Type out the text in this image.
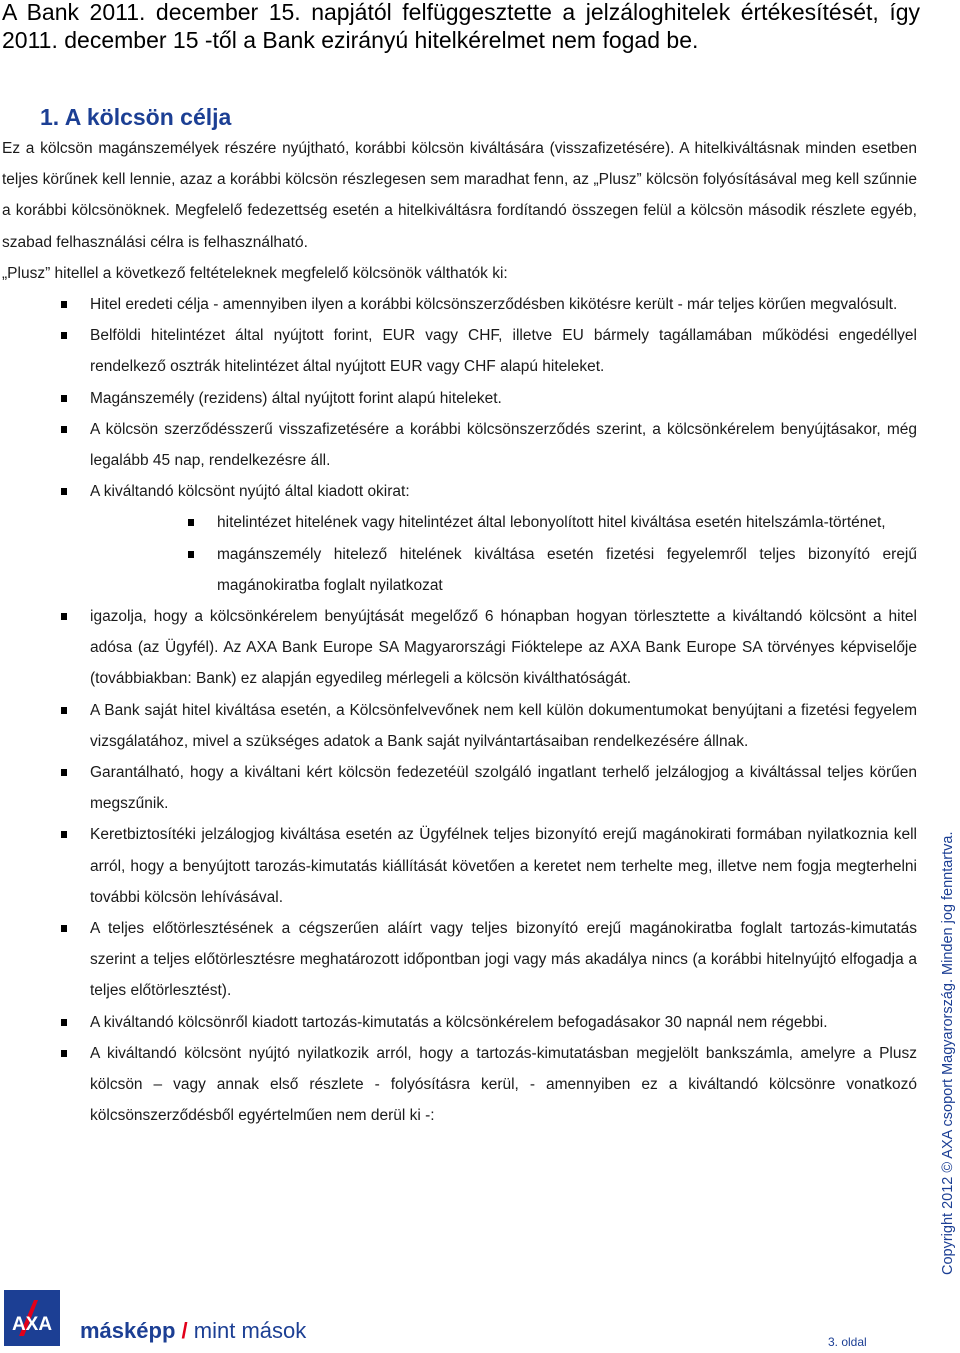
A Bank 2011. december 15. napjától felfüggesztette a jelzáloghitelek értékesítését, így 2011. december 15 -től a Bank ezirányú hitelkérelmet nem fogad be.
1. A kölcsön célja

Ez a kölcsön magánszemélyek részére nyújtható, korábbi kölcsön kiváltására (visszafizetésére). A hitelkiváltásnak minden esetben teljes körűnek kell lennie, azaz a korábbi kölcsön részlegesen sem maradhat fenn, az „Plusz” kölcsön folyósításával meg kell szűnnie a korábbi kölcsönöknek. Megfelelő fedezettség esetén a hitelkiváltásra fordítandó összegen felül a kölcsön második részlete egyéb, szabad felhasználási célra is felhasználható.

„Plusz” hitellel a következő feltételeknek megfelelő kölcsönök válthatók ki:

Hitel eredeti célja - amennyiben ilyen a korábbi kölcsönszerződésben kikötésre került - már teljes körűen megvalósult.
Belföldi hitelintézet által nyújtott forint, EUR vagy CHF, illetve EU bármely tagállamában működési engedéllyel rendelkező osztrák hitelintézet által nyújtott EUR vagy CHF alapú hiteleket.
Magánszemély (rezidens) által nyújtott forint alapú hiteleket.
A kölcsön szerződésszerű visszafizetésére a korábbi kölcsönszerződés szerint, a kölcsönkérelem benyújtásakor, még legalább 45 nap, rendelkezésre áll.
A kiváltandó kölcsönt nyújtó által kiadott okirat:
hitelintézet hitelének vagy hitelintézet által lebonyolított hitel kiváltása esetén hitelszámla-történet,
magánszemély hitelező hitelének kiváltása esetén fizetési fegyelemről teljes bizonyító erejű magánokiratba foglalt nyilatkozat
igazolja, hogy a kölcsönkérelem benyújtását megelőző 6 hónapban hogyan törlesztette a kiváltandó kölcsönt a hitel adósa (az Ügyfél). Az AXA Bank Europe SA Magyarországi Fióktelepe az AXA Bank Europe SA törvényes képviselője (továbbiakban: Bank) ez alapján egyedileg mérlegeli a kölcsön kiválthatóságát.
A Bank saját hitel kiváltása esetén, a Kölcsönfelvevőnek nem kell külön dokumentumokat benyújtani a fizetési fegyelem vizsgálatához, mivel a szükséges adatok a Bank saját nyilvántartásaiban rendelkezésére állnak.
Garantálható, hogy a kiváltani kért kölcsön fedezetéül szolgáló ingatlant terhelő jelzálogjog a kiváltással teljes körűen megszűnik.
Keretbiztosítéki jelzálogjog kiváltása esetén az Ügyfélnek teljes bizonyító erejű magánokirati formában nyilatkoznia kell arról, hogy a benyújtott tarozás-kimutatás kiállítását követően a keretet nem terhelte meg, illetve nem fogja megterhelni további kölcsön lehívásával.
A teljes előtörlesztésének a cégszerűen aláírt vagy teljes bizonyító erejű magánokiratba foglalt tartozás-kimutatás szerint a teljes előtörlesztésre meghatározott időpontban jogi vagy más akadálya nincs (a korábbi hitelnyújtó elfogadja a teljes előtörlesztést).
A kiváltandó kölcsönről kiadott tartozás-kimutatás a kölcsönkérelem befogadásakor 30 napnál nem régebbi.
A kiváltandó kölcsönt nyújtó nyilatkozik arról, hogy a tartozás-kimutatásban megjelölt bankszámla, amelyre a Plusz kölcsön – vagy annak első részlete - folyósításra kerül, - amennyiben ez a kiváltandó kölcsönre vonatkozó kölcsönszerződésből egyértelműen nem derül ki -:	Copyright 2012 © AXA csoport Magyarország. Minden jog fenntartva.
AXA másképp / mint mások	3. oldal
